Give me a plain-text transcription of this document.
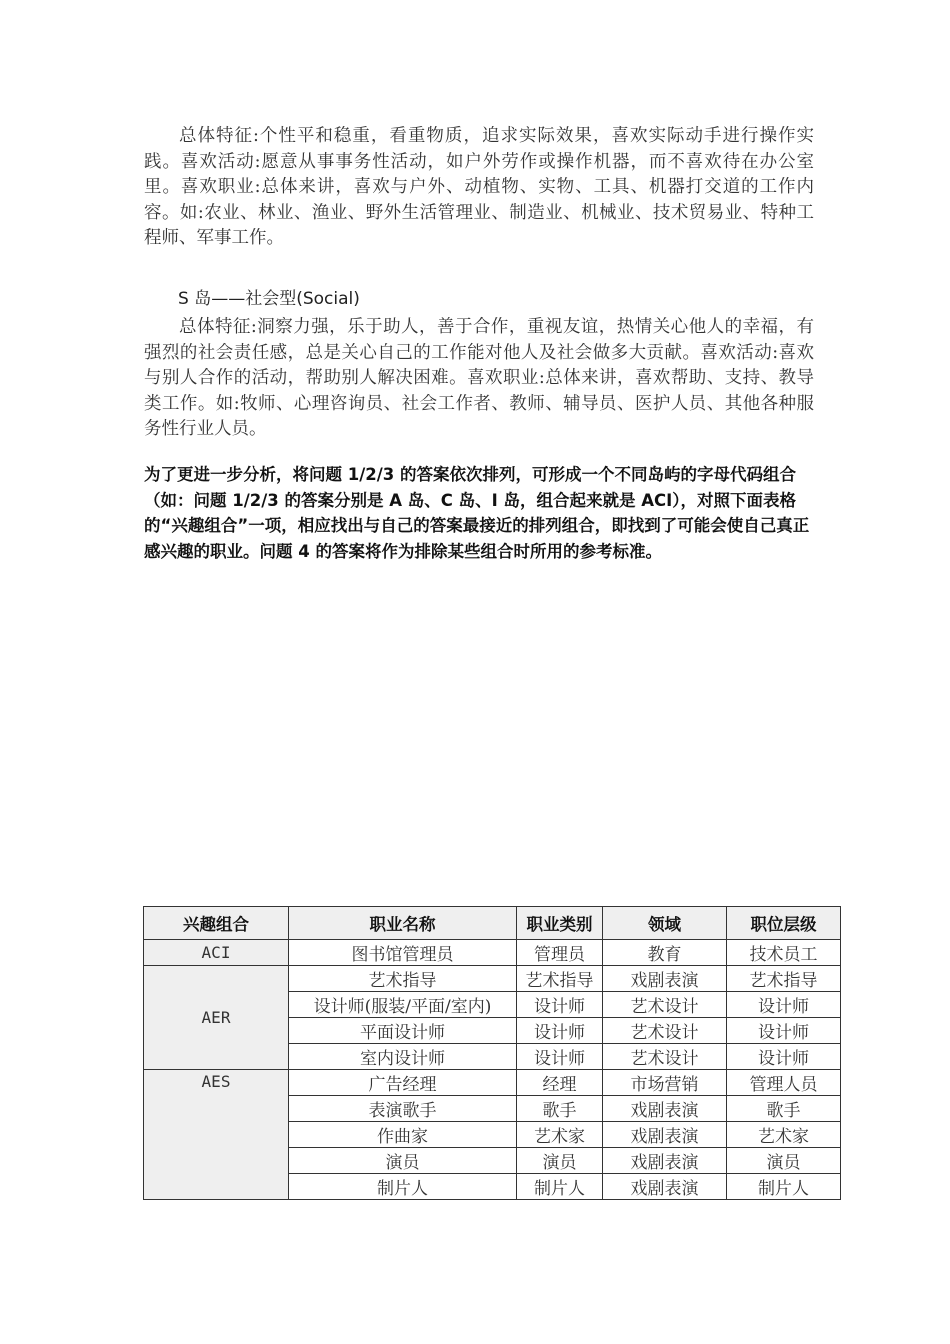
总体特征:个性平和稳重，看重物质，追求实际效果，喜欢实际动手进行操作实践。喜欢活动:愿意从事事务性活动，如户外劳作或操作机器，而不喜欢待在办公室里。喜欢职业:总体来讲，喜欢与户外、动植物、实物、工具、机器打交道的工作内容。如:农业、林业、渔业、野外生活管理业、制造业、机械业、技术贸易业、特种工程师、军事工作。

S 岛——社会型(Social)

总体特征:洞察力强，乐于助人，善于合作，重视友谊，热情关心他人的幸福，有强烈的社会责任感，总是关心自己的工作能对他人及社会做多大贡献。喜欢活动:喜欢与别人合作的活动，帮助别人解决困难。喜欢职业:总体来讲，喜欢帮助、支持、教导类工作。如:牧师、心理咨询员、社会工作者、教师、辅导员、医护人员、其他各种服务性行业人员。

为了更进一步分析，将问题 1/2/3 的答案依次排列，可形成一个不同岛屿的字母代码组合（如：问题 1/2/3 的答案分别是 A 岛、C 岛、I 岛，组合起来就是 ACI），对照下面表格的“兴趣组合”一项，相应找出与自己的答案最接近的排列组合，即找到了可能会使自己真正感兴趣的职业。问题 4 的答案将作为排除某些组合时所用的参考标准。

兴趣组合	职业名称	职业类别	领域	职位层级
ACI	图书馆管理员	管理员	教育	技术员工
AER	艺术指导	艺术指导	戏剧表演	艺术指导
	设计师(服装/平面/室内)	设计师	艺术设计	设计师
	平面设计师	设计师	艺术设计	设计师
	室内设计师	设计师	艺术设计	设计师
AES	广告经理	经理	市场营销	管理人员
	表演歌手	歌手	戏剧表演	歌手
	作曲家	艺术家	戏剧表演	艺术家
	演员	演员	戏剧表演	演员
	制片人	制片人	戏剧表演	制片人
